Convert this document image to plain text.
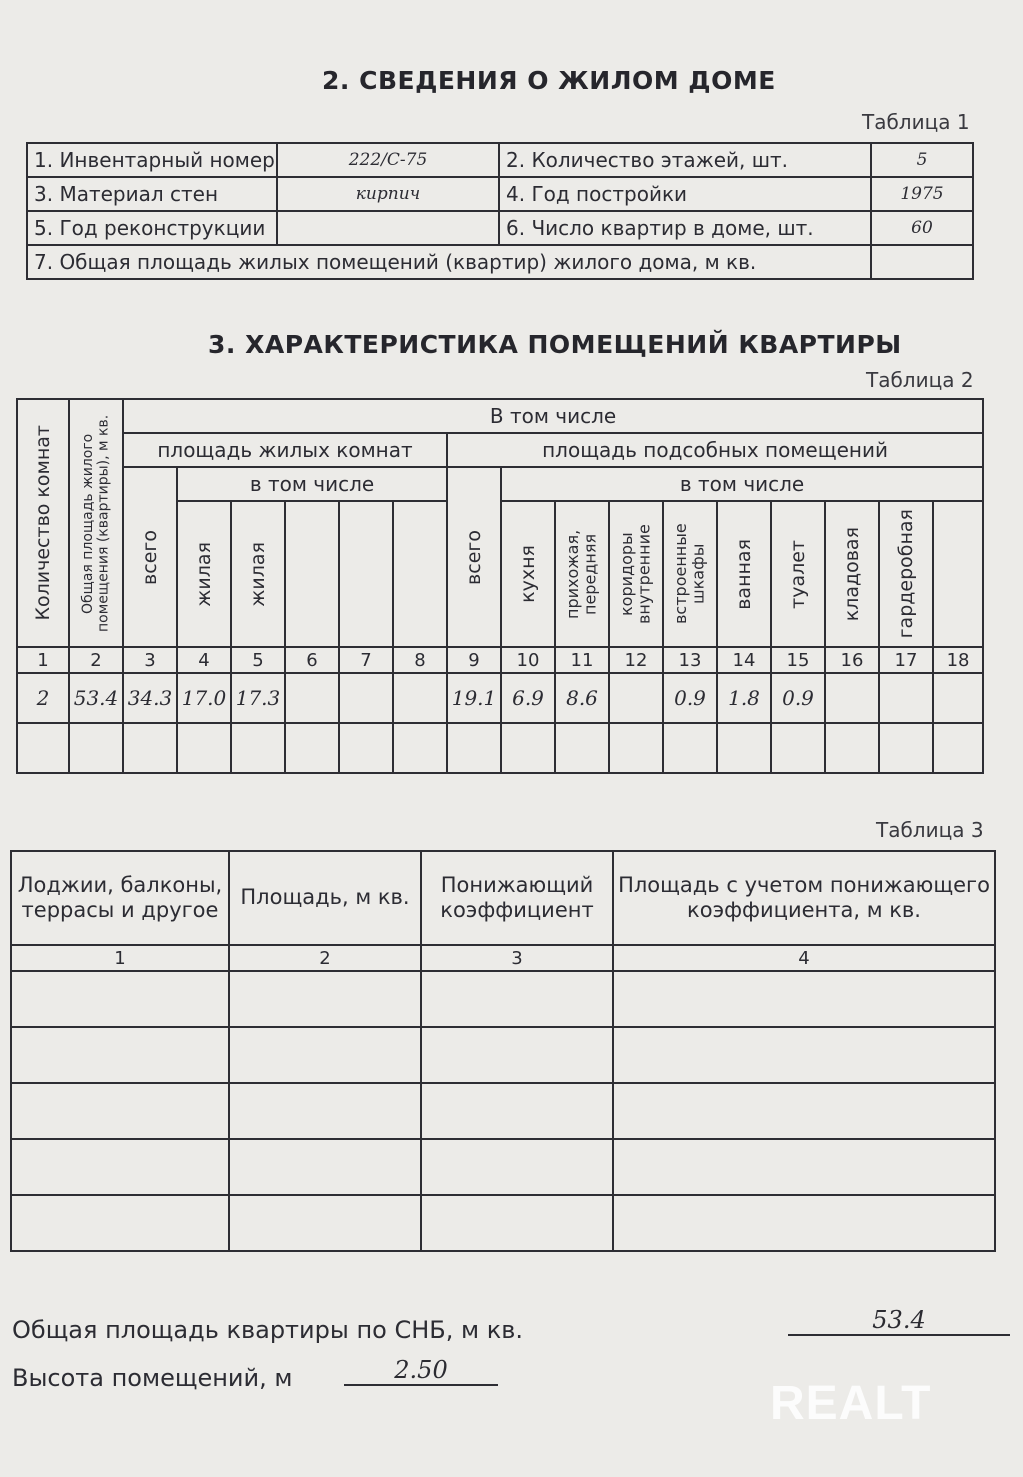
2. СВЕДЕНИЯ О ЖИЛОМ ДОМЕ
Таблица 1
1. Инвентарный номер	222/С-75	2. Количество этажей, шт.	5
3. Материал стен	кирпич	4. Год постройки	1975
5. Год реконструкции		6. Число квартир в доме, шт.	60
7. Общая площадь жилых помещений (квартир) жилого дома, м кв.			
3. ХАРАКТЕРИСТИКА ПОМЕЩЕНИЙ КВАРТИРЫ
Таблица 2
Количество комнат	Общая площадь жилого помещения (квартиры), м кв.	В том числе															
		площадь жилых комнат						площадь подсобных помещений									

		всего	в том числе					всего	в том числе								

			жилая	жилая					кухня	прихожая, передняя	коридоры внутренние	встроенные шкафы	ванная	туалет	кладовая	гардеробная	

1	2	3	4	5	6	7	8	9	10	11	12	13	14	15	16	17	18
2	53.4	34.3	17.0	17.3				19.1	6.9	8.6		0.9	1.8	0.9			

Таблица 3
Лоджии, балконы, террасы и другое	Площадь, м кв.	Понижающий коэффициент	Площадь с учетом понижающего коэффициента, м кв.
1	2	3	4

Общая площадь квартиры по СНБ, м кв.	53.4
Высота помещений, м	2.50
REALT
